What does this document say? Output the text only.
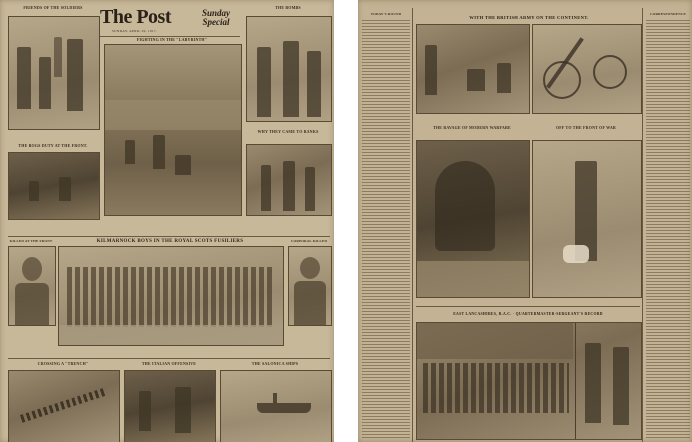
The Post	Sunday
Special
SUNDAY, APRIL 29, 1917.
FRIENDS OF THE SOLDIERS
FIGHTING IN THE "LABYRINTH"
THE BOMBS
THE BOGS DUTY AT THE FRONT.
WHY THEY CAME TO BANKS
KILMARNOCK BOYS IN THE ROYAL SCOTS FUSILIERS
KILLED AT THE FRONT	CORPORAL KILLED
CROSSING A "TRENCH"	THE ITALIAN OFFENSIVE	THE SALONICA SHIPS
WITH THE BRITISH ARMY ON THE CONTINENT.
TODAY'S ROUND	CORRESPONDENCE
THE RAVAGE OF MODERN WARFARE	OFF TO THE FRONT OF WAR
EAST LANCASHIRES, R.A.C. - QUARTERMASTER-SERGEANT'S RECORD
